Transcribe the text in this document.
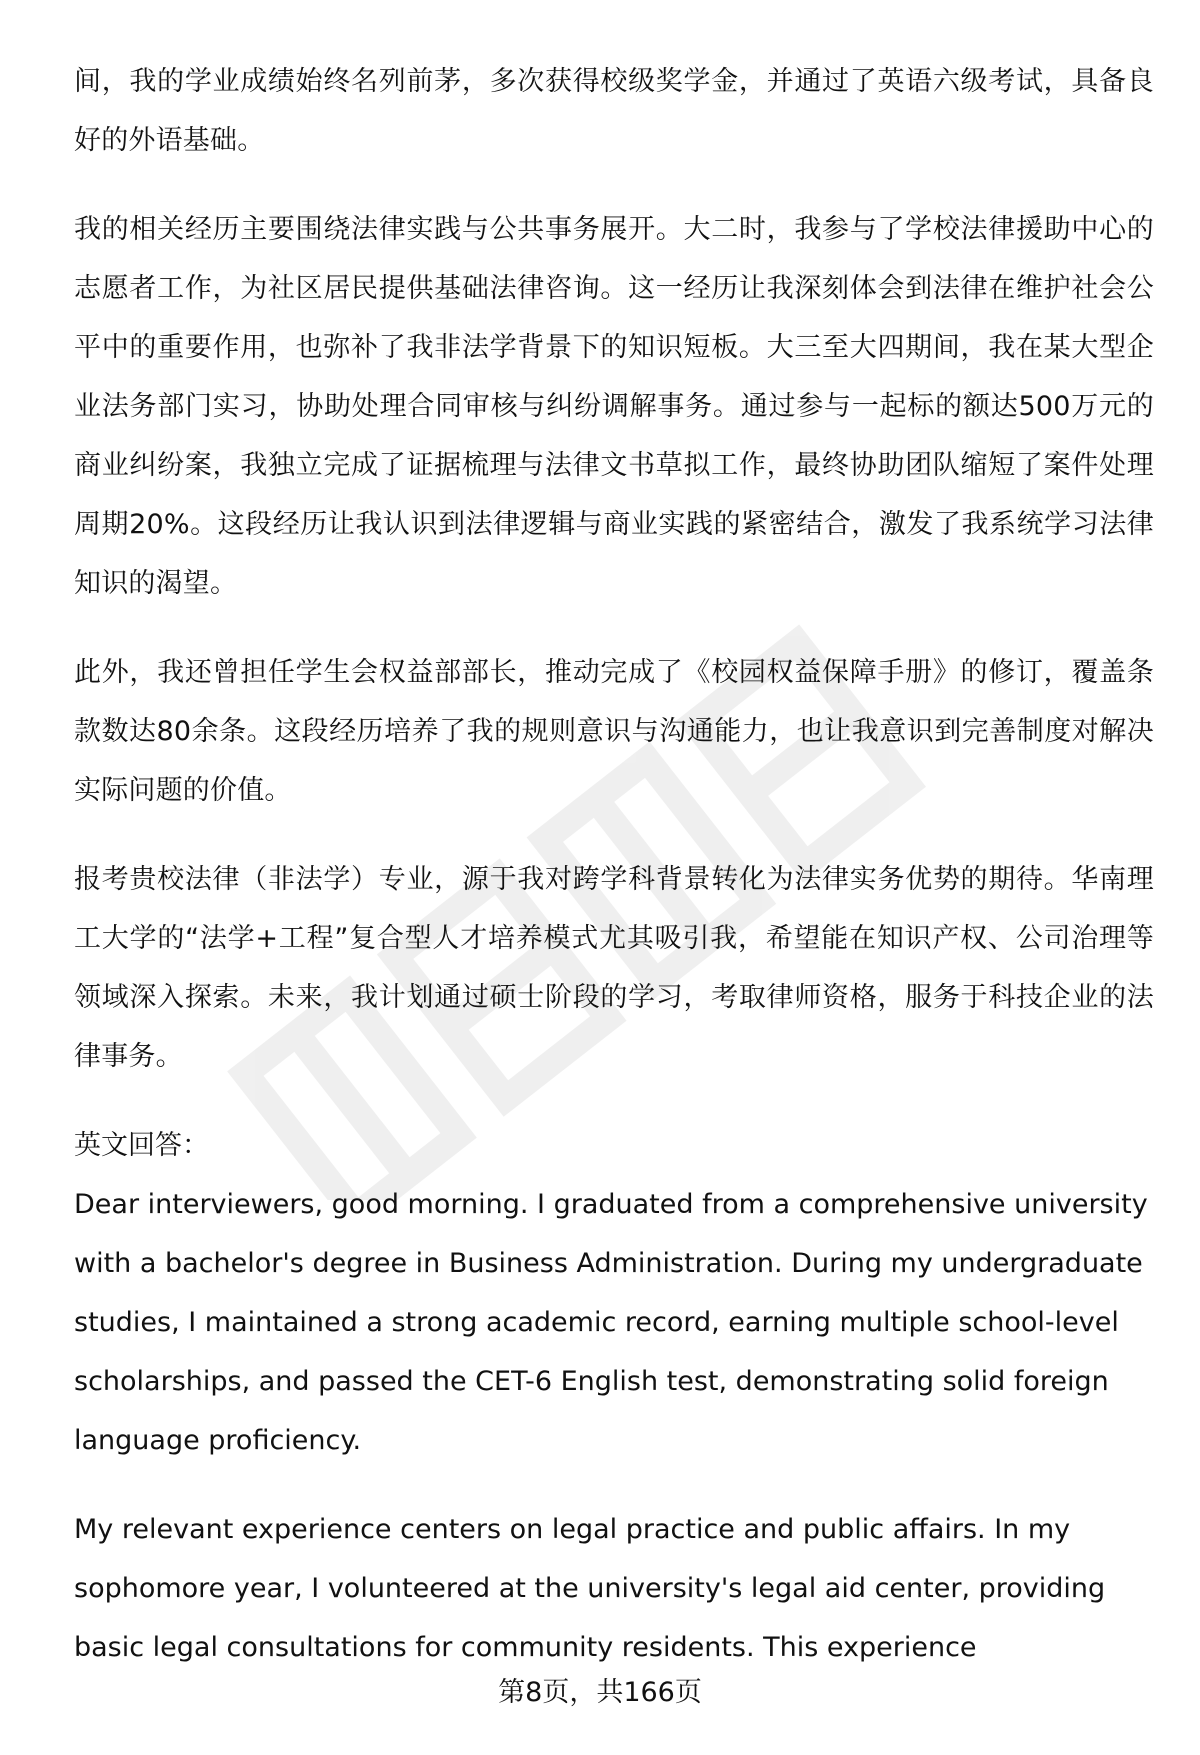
间，我的学业成绩始终名列前茅，多次获得校级奖学金，并通过了英语六级考试，具备良好的外语基础。

我的相关经历主要围绕法律实践与公共事务展开。大二时，我参与了学校法律援助中心的志愿者工作，为社区居民提供基础法律咨询。这一经历让我深刻体会到法律在维护社会公平中的重要作用，也弥补了我非法学背景下的知识短板。大三至大四期间，我在某大型企业法务部门实习，协助处理合同审核与纠纷调解事务。通过参与一起标的额达500万元的商业纠纷案，我独立完成了证据梳理与法律文书草拟工作，最终协助团队缩短了案件处理周期20%。这段经历让我认识到法律逻辑与商业实践的紧密结合，激发了我系统学习法律知识的渴望。

此外，我还曾担任学生会权益部部长，推动完成了《校园权益保障手册》的修订，覆盖条款数达80余条。这段经历培养了我的规则意识与沟通能力，也让我意识到完善制度对解决实际问题的价值。

报考贵校法律（非法学）专业，源于我对跨学科背景转化为法律实务优势的期待。华南理工大学的“法学+工程”复合型人才培养模式尤其吸引我，希望能在知识产权、公司治理等领域深入探索。未来，我计划通过硕士阶段的学习，考取律师资格，服务于科技企业的法律事务。

英文回答：

Dear interviewers, good morning. I graduated from a comprehensive university with a bachelor's degree in Business Administration. During my undergraduate studies, I maintained a strong academic record, earning multiple school-level scholarships, and passed the CET-6 English test, demonstrating solid foreign language proficiency.

My relevant experience centers on legal practice and public affairs. In my sophomore year, I volunteered at the university's legal aid center, providing basic legal consultations for community residents. This experience

第8页，共166页
